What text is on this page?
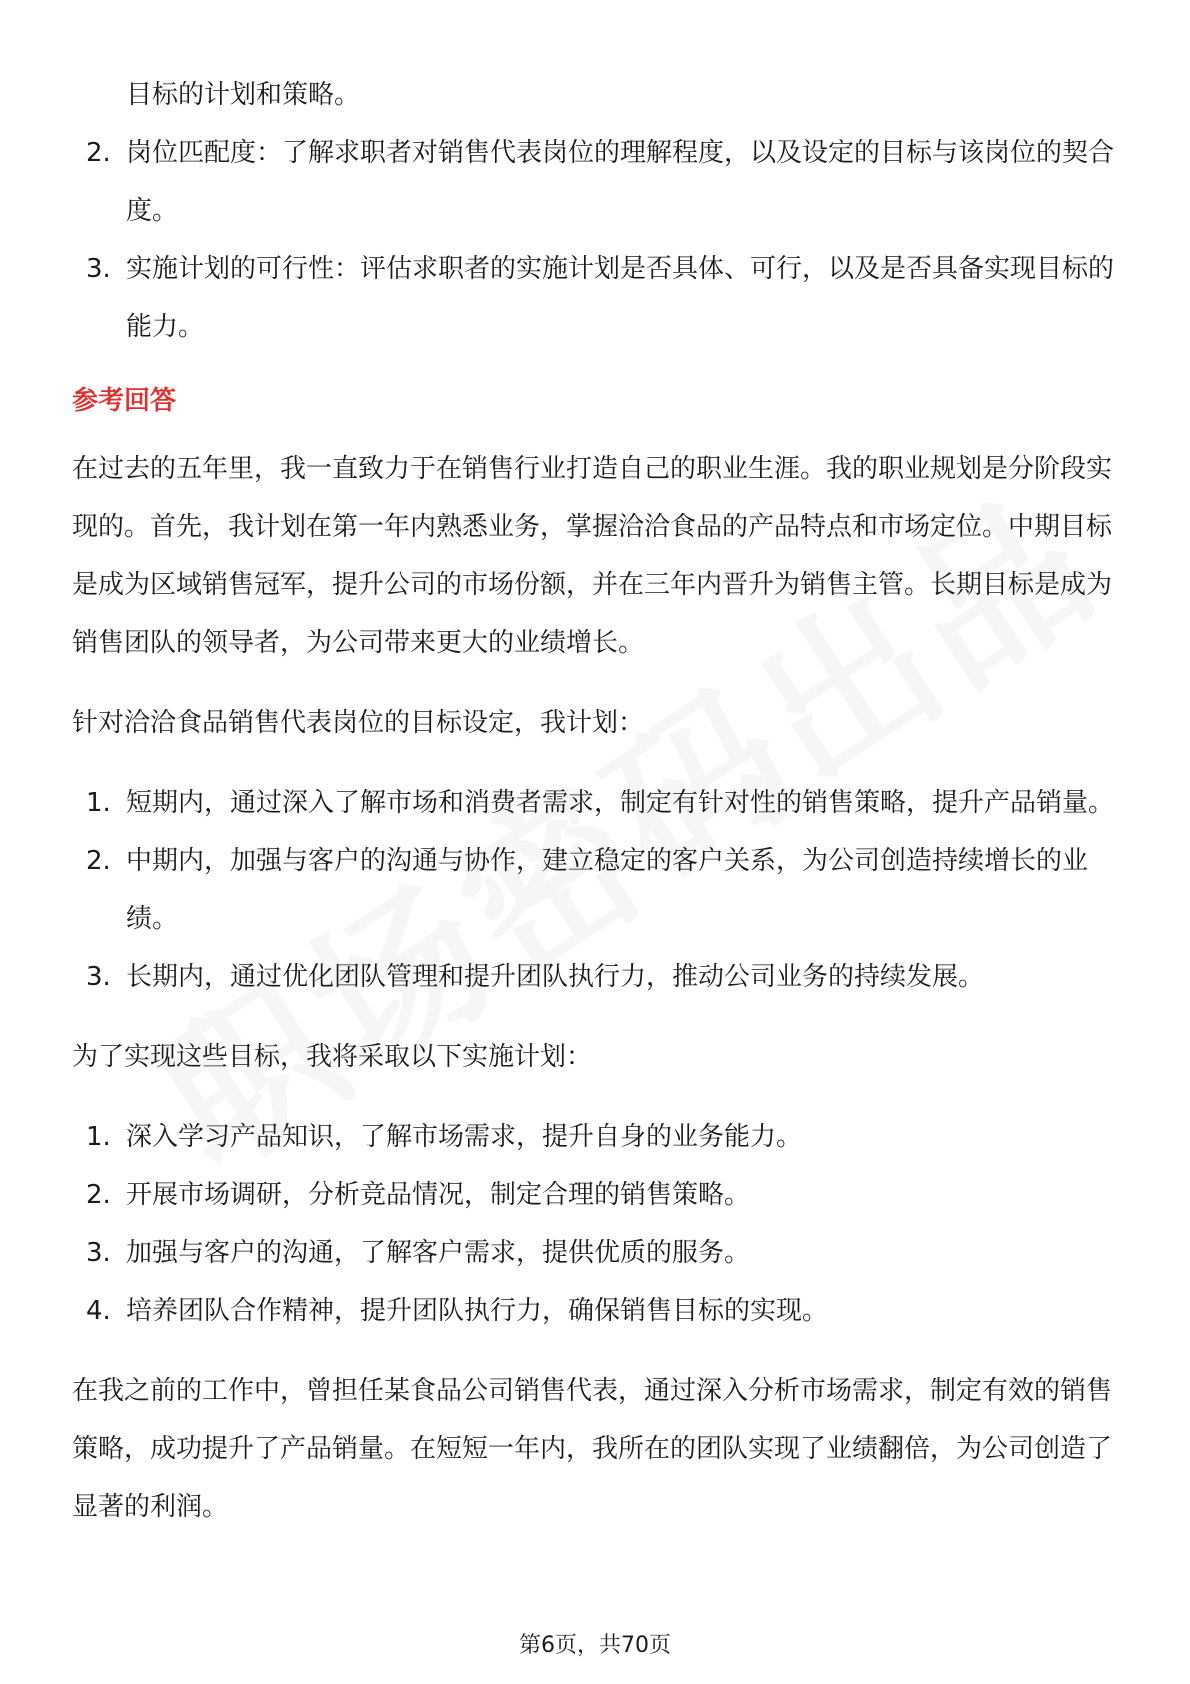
目标的计划和策略。
2. 岗位匹配度：了解求职者对销售代表岗位的理解程度，以及设定的目标与该岗位的契合度。
3. 实施计划的可行性：评估求职者的实施计划是否具体、可行，以及是否具备实现目标的能力。
参考回答

在过去的五年里，我一直致力于在销售行业打造自己的职业生涯。我的职业规划是分阶段实现的。首先，我计划在第一年内熟悉业务，掌握洽洽食品的产品特点和市场定位。中期目标是成为区域销售冠军，提升公司的市场份额，并在三年内晋升为销售主管。长期目标是成为销售团队的领导者，为公司带来更大的业绩增长。

针对洽洽食品销售代表岗位的目标设定，我计划：

1. 短期内，通过深入了解市场和消费者需求，制定有针对性的销售策略，提升产品销量。
2. 中期内，加强与客户的沟通与协作，建立稳定的客户关系，为公司创造持续增长的业绩。
3. 长期内，通过优化团队管理和提升团队执行力，推动公司业务的持续发展。

为了实现这些目标，我将采取以下实施计划：

1. 深入学习产品知识，了解市场需求，提升自身的业务能力。
2. 开展市场调研，分析竞品情况，制定合理的销售策略。
3. 加强与客户的沟通，了解客户需求，提供优质的服务。
4. 培养团队合作精神，提升团队执行力，确保销售目标的实现。

在我之前的工作中，曾担任某食品公司销售代表，通过深入分析市场需求，制定有效的销售策略，成功提升了产品销量。在短短一年内，我所在的团队实现了业绩翻倍，为公司创造了显著的利润。

第6页，共70页
